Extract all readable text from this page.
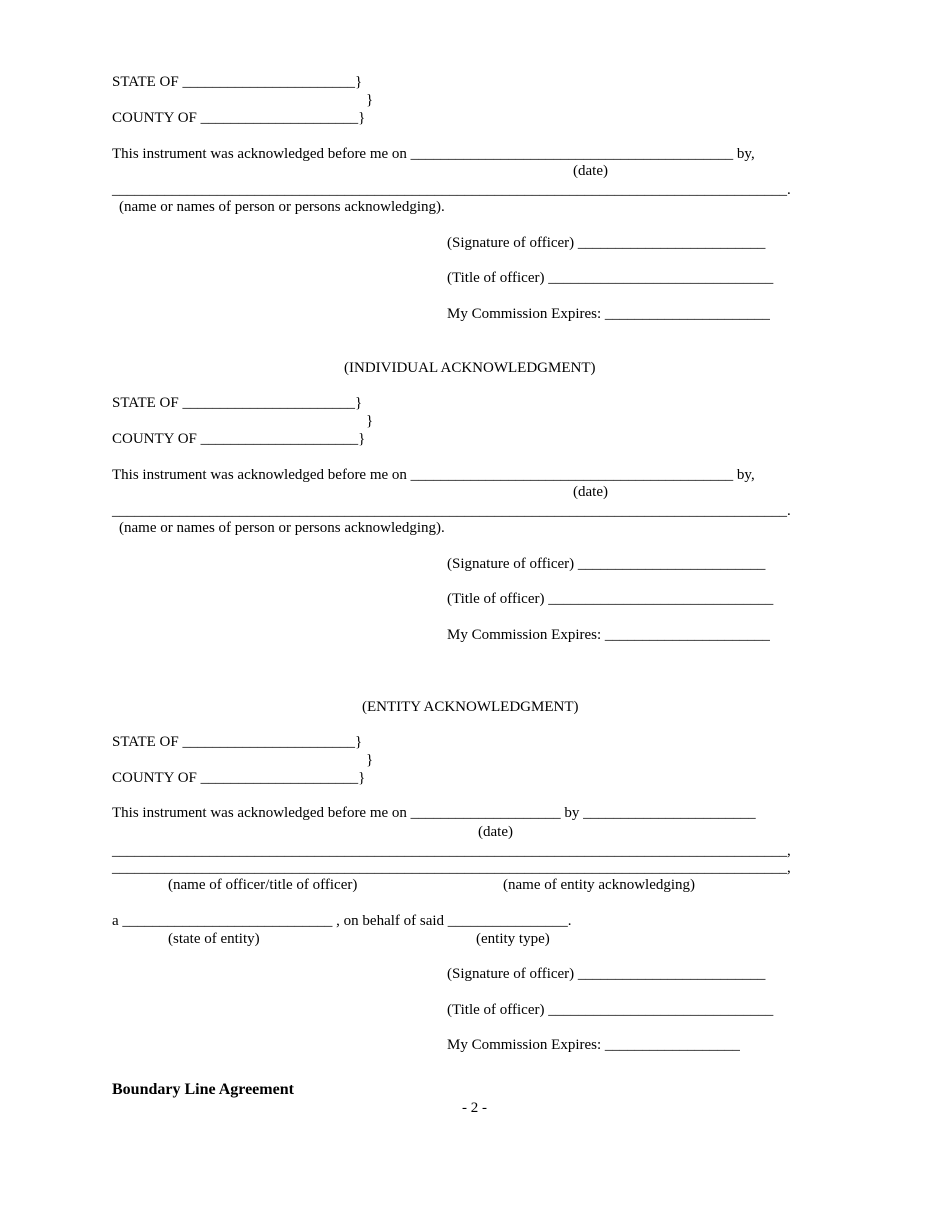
STATE OF _______________________}
}
COUNTY OF _____________________}
This instrument was acknowledged before me on ___________________________________________ by,
(date)
__________________________________________________________________________________________.
(name or names of person or persons acknowledging).
(Signature of officer) _________________________
(Title of officer) ______________________________
My Commission Expires: ______________________
(INDIVIDUAL ACKNOWLEDGMENT)
STATE OF _______________________}
}
COUNTY OF _____________________}
This instrument was acknowledged before me on ___________________________________________ by,
(date)
__________________________________________________________________________________________.
(name or names of person or persons acknowledging).
(Signature of officer) _________________________
(Title of officer) ______________________________
My Commission Expires: ______________________
(ENTITY ACKNOWLEDGMENT)
STATE OF _______________________}
}
COUNTY OF _____________________}
This instrument was acknowledged before me on ____________________ by _______________________
(date)
__________________________________________________________________________________________,
__________________________________________________________________________________________,
(name of officer/title of officer)	(name of entity acknowledging)
a ____________________________ , on behalf of said ________________.
(state of entity)	(entity type)
(Signature of officer) _________________________
(Title of officer) ______________________________
My Commission Expires: __________________
Boundary Line Agreement
- 2 -
